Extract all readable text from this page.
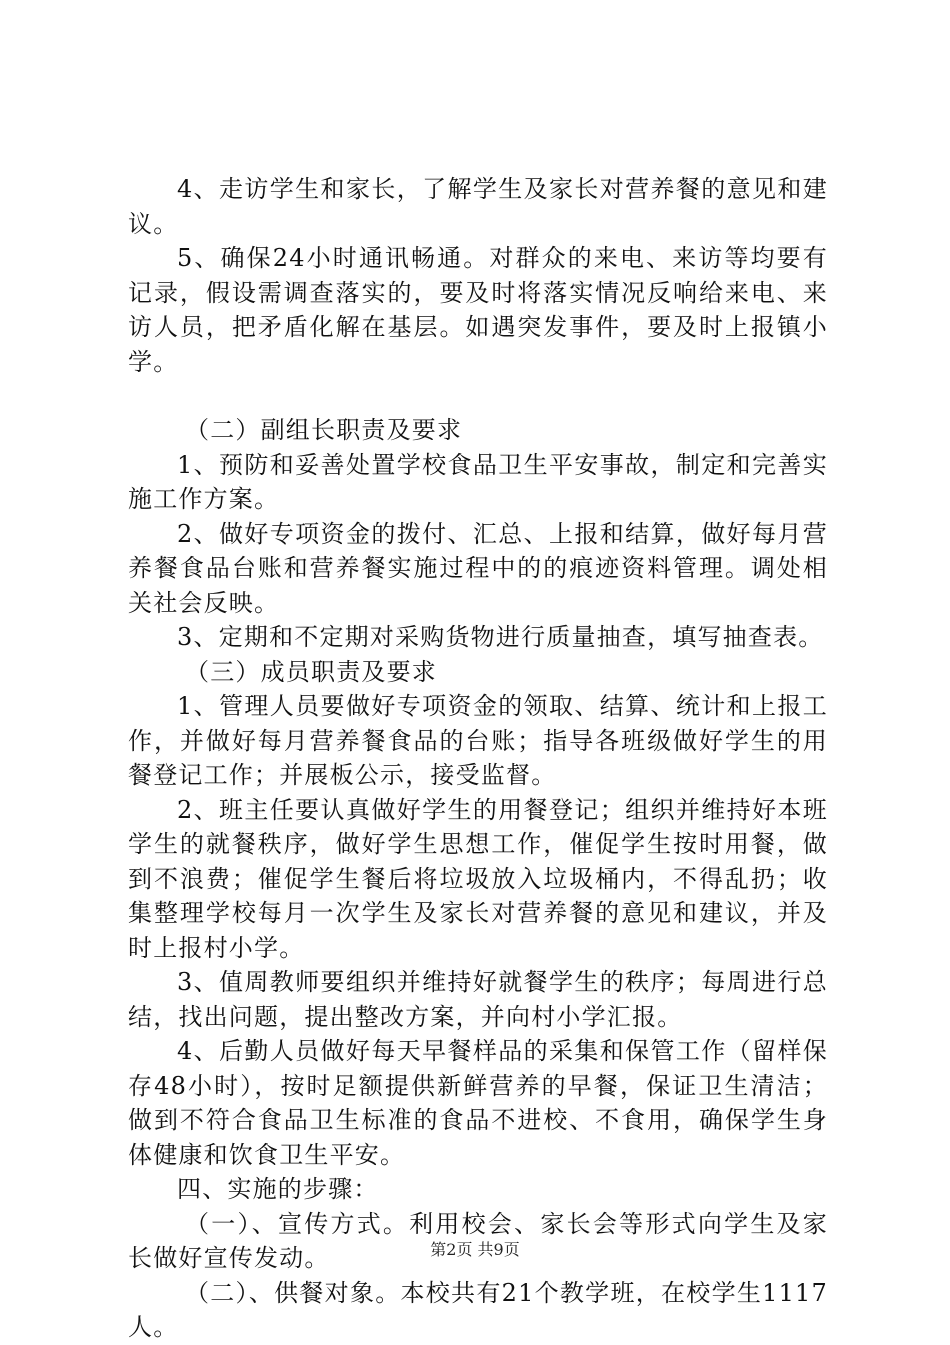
4、走访学生和家长，了解学生及家长对营养餐的意见和建议。

5、确保24小时通讯畅通。对群众的来电、来访等均要有记录，假设需调查落实的，要及时将落实情况反响给来电、来访人员，把矛盾化解在基层。如遇突发事件，要及时上报镇小学。

（二）副组长职责及要求

1、预防和妥善处置学校食品卫生平安事故，制定和完善实施工作方案。

2、做好专项资金的拨付、汇总、上报和结算，做好每月营养餐食品台账和营养餐实施过程中的的痕迹资料管理。调处相关社会反映。

3、定期和不定期对采购货物进行质量抽查，填写抽查表。

（三）成员职责及要求

1、管理人员要做好专项资金的领取、结算、统计和上报工作，并做好每月营养餐食品的台账；指导各班级做好学生的用餐登记工作；并展板公示，接受监督。

2、班主任要认真做好学生的用餐登记；组织并维持好本班学生的就餐秩序，做好学生思想工作，催促学生按时用餐，做到不浪费；催促学生餐后将垃圾放入垃圾桶内，不得乱扔；收集整理学校每月一次学生及家长对营养餐的意见和建议，并及时上报村小学。

3、值周教师要组织并维持好就餐学生的秩序；每周进行总结，找出问题，提出整改方案，并向村小学汇报。

4、后勤人员做好每天早餐样品的采集和保管工作（留样保存48小时），按时足额提供新鲜营养的早餐，保证卫生清洁；做到不符合食品卫生标准的食品不进校、不食用，确保学生身体健康和饮食卫生平安。

四、实施的步骤：

（一）、宣传方式。利用校会、家长会等形式向学生及家长做好宣传发动。

（二）、供餐对象。本校共有21个教学班，在校学生1117人。

第2页 共9页
